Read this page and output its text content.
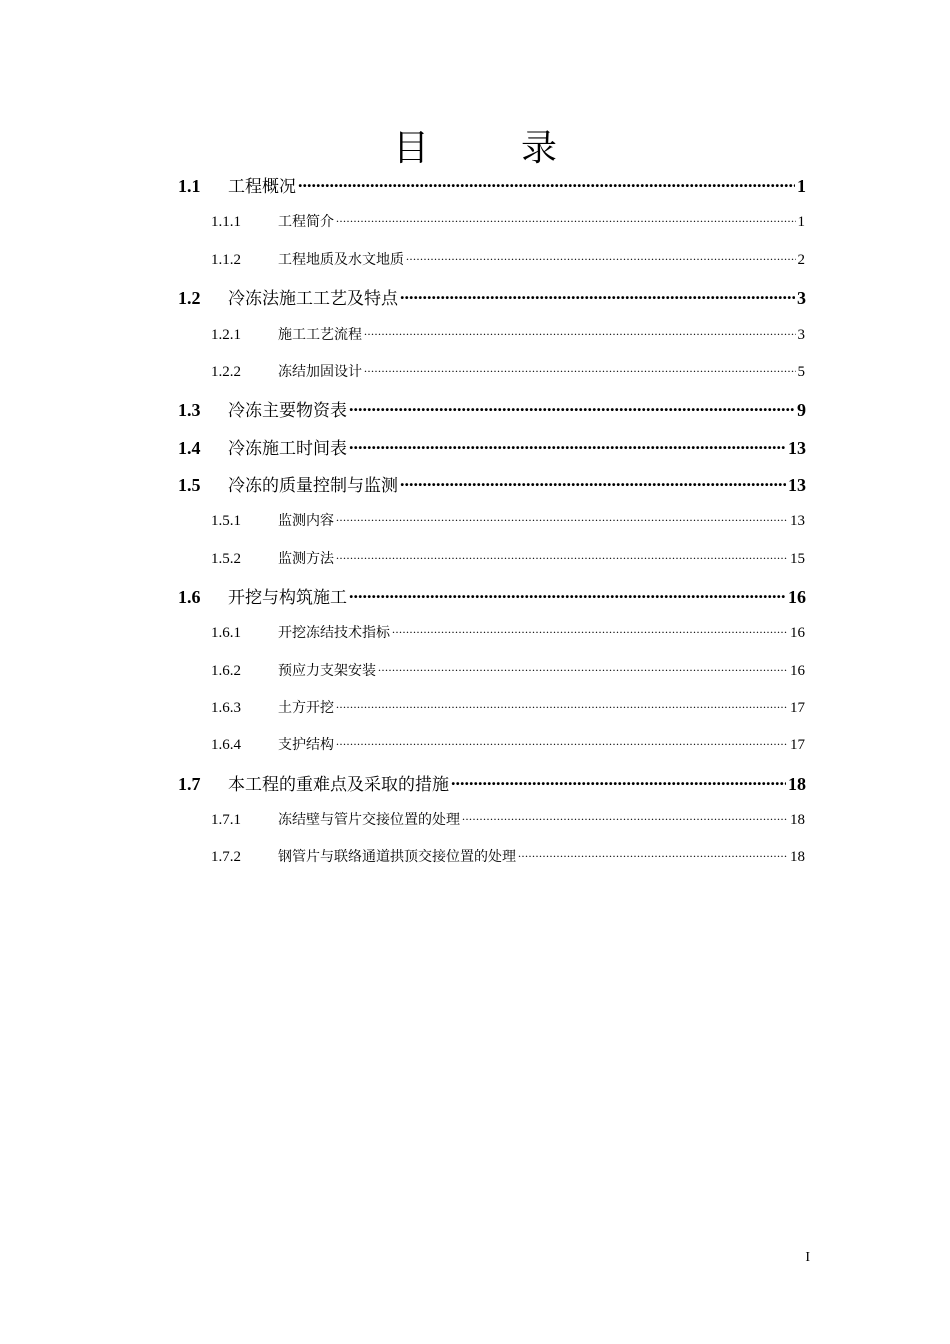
目　录
1.1	工程概况 .....	1
1.1.1	工程简介 .....	1
1.1.2	工程地质及水文地质 .....	2
1.2	冷冻法施工工艺及特点 .....	3
1.2.1	施工工艺流程 .....	3
1.2.2	冻结加固设计 .....	5
1.3	冷冻主要物资表 .....	9
1.4	冷冻施工时间表 .....	13
1.5	冷冻的质量控制与监测 .....	13
1.5.1	监测内容 .....	13
1.5.2	监测方法 .....	15
1.6	开挖与构筑施工 .....	16
1.6.1	开挖冻结技术指标 .....	16
1.6.2	预应力支架安装 .....	16
1.6.3	土方开挖 .....	17
1.6.4	支护结构 .....	17
1.7	本工程的重难点及采取的措施 .....	18
1.7.1	冻结壁与管片交接位置的处理 .....	18
1.7.2	钢管片与联络通道拱顶交接位置的处理 .....	18
I
